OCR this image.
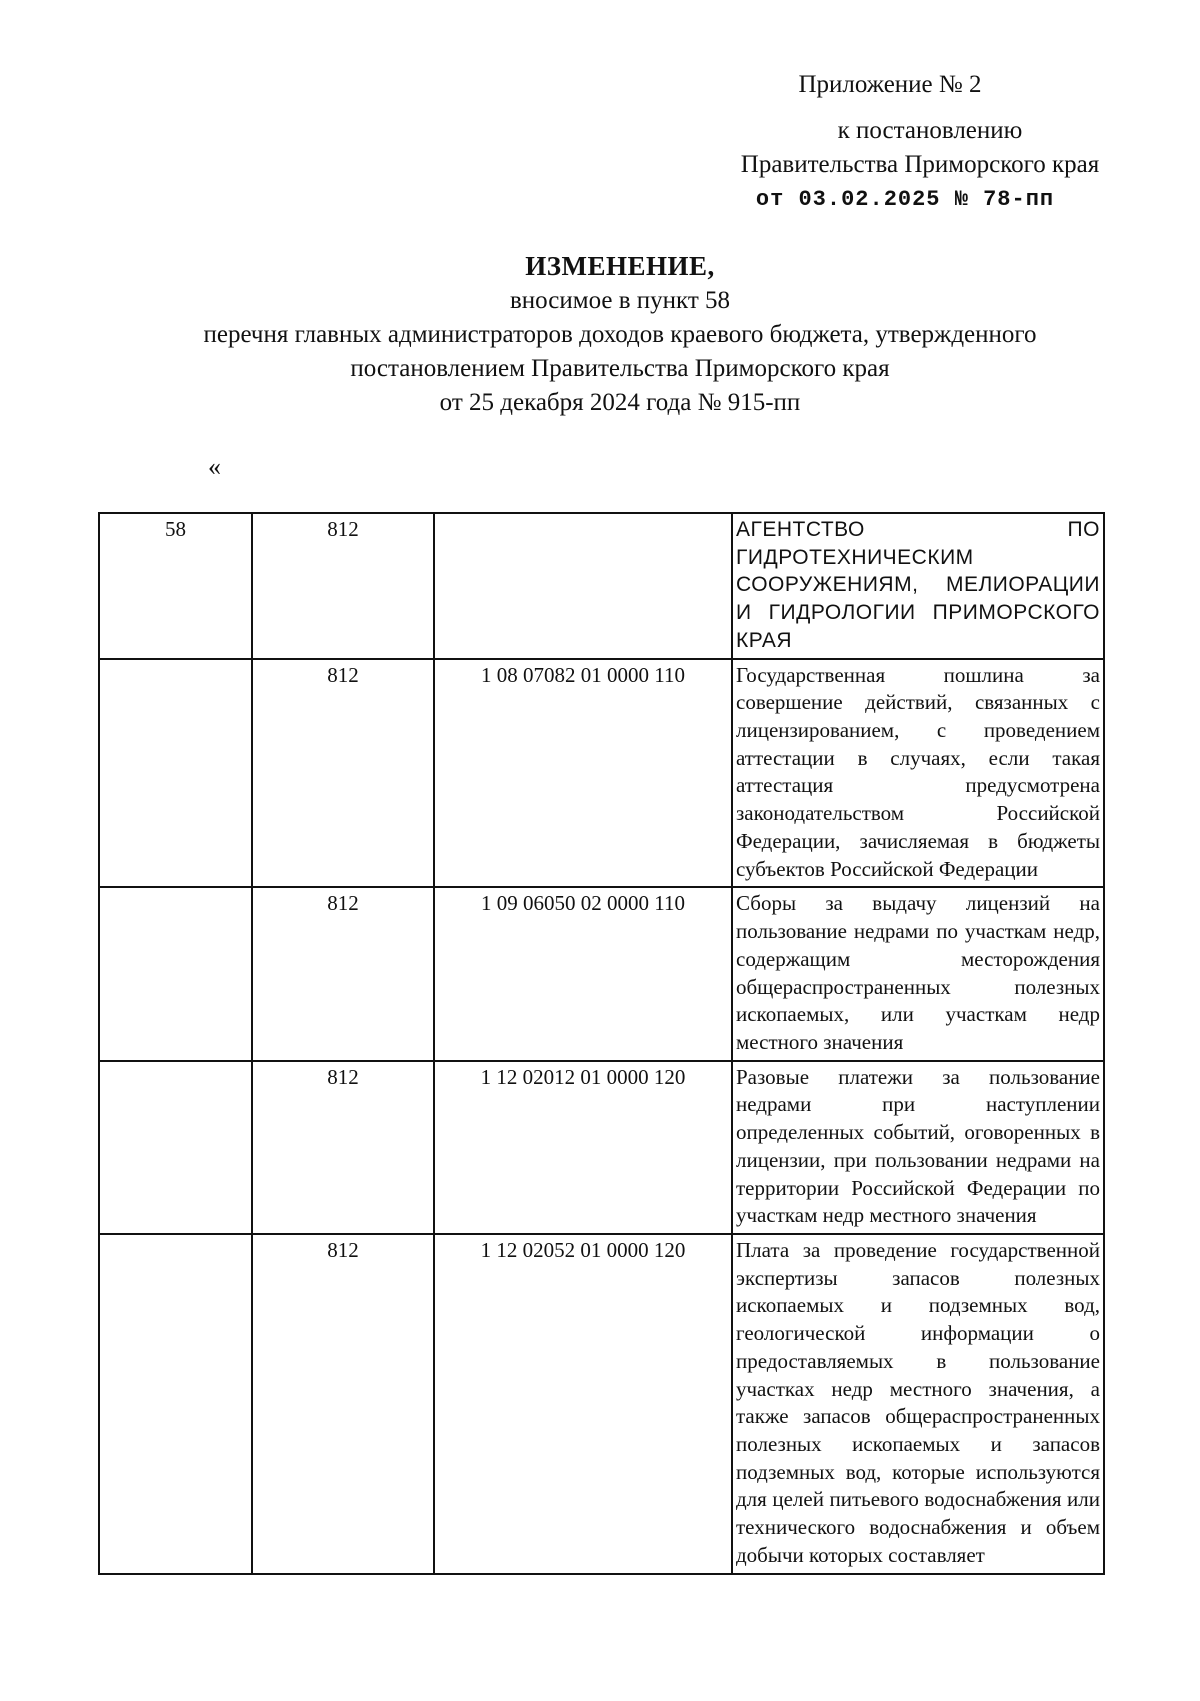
Приложение № 2
к постановлению
Правительства Приморского края
от 03.02.2025 № 78-пп
ИЗМЕНЕНИЕ,
вносимое в пункт 58
перечня главных администраторов доходов краевого бюджета, утвержденного
постановлением Правительства Приморского края
от 25 декабря 2024 года № 915-пп
«
58	812		АГЕНТСТВО ПО ГИДРОТЕХНИЧЕСКИМ СООРУЖЕНИЯМ, МЕЛИОРАЦИИ И ГИДРОЛОГИИ ПРИМОРСКОГО КРАЯ
	812	1 08 07082 01 0000 110	Государственная пошлина за совершение действий, связанных с лицензированием, с проведением аттестации в случаях, если такая аттестация предусмотрена законодательством Российской Федерации, зачисляемая в бюджеты субъектов Российской Федерации
	812	1 09 06050 02 0000 110	Сборы за выдачу лицензий на пользование недрами по участкам недр, содержащим месторождения общераспространенных полезных ископаемых, или участкам недр местного значения
	812	1 12 02012 01 0000 120	Разовые платежи за пользование недрами при наступлении определенных событий, оговоренных в лицензии, при пользовании недрами на территории Российской Федерации по участкам недр местного значения
	812	1 12 02052 01 0000 120	Плата за проведение государственной экспертизы запасов полезных ископаемых и подземных вод, геологической информации о предоставляемых в пользование участках недр местного значения, а также запасов общераспространенных полезных ископаемых и запасов подземных вод, которые используются для целей питьевого водоснабжения или технического водоснабжения и объем добычи которых составляет
